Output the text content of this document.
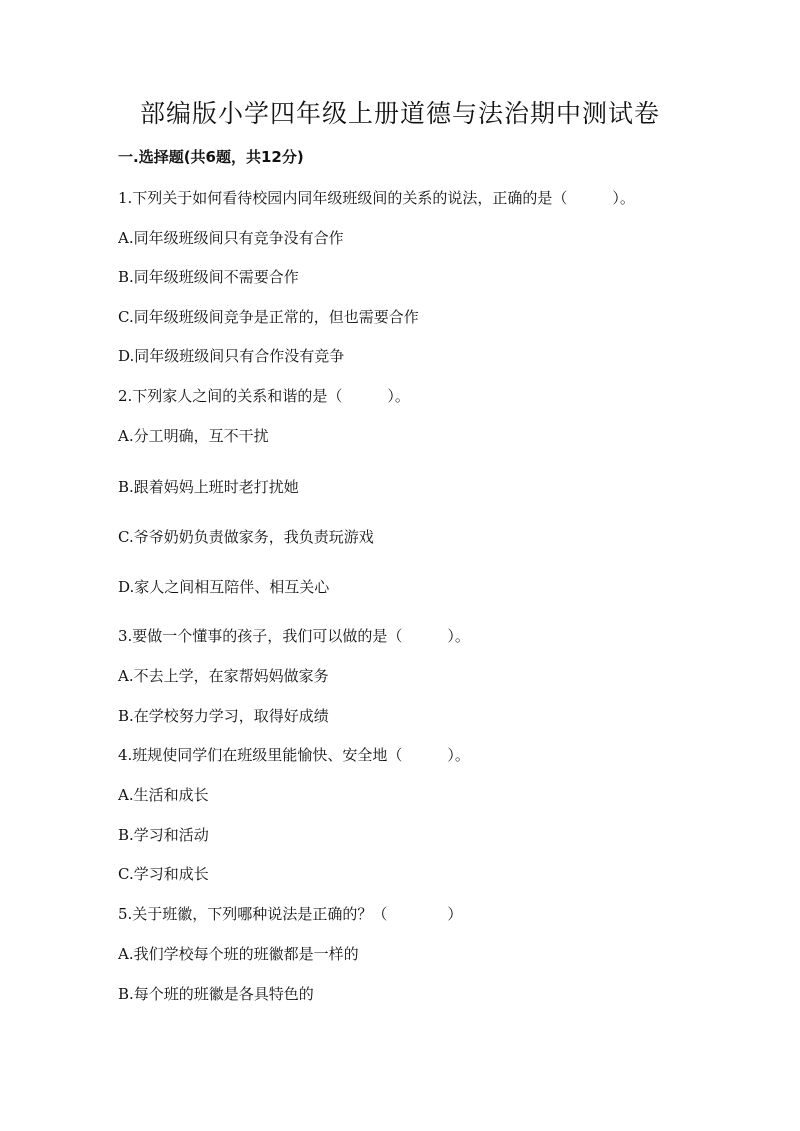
部编版小学四年级上册道德与法治期中测试卷
一.选择题(共6题，共12分)
1.下列关于如何看待校园内同年级班级间的关系的说法，正确的是（　　　）。
A.同年级班级间只有竞争没有合作
B.同年级班级间不需要合作
C.同年级班级间竞争是正常的，但也需要合作
D.同年级班级间只有合作没有竞争
2.下列家人之间的关系和谐的是（　　　）。
A.分工明确，互不干扰
B.跟着妈妈上班时老打扰她
C.爷爷奶奶负责做家务，我负责玩游戏
D.家人之间相互陪伴、相互关心
3.要做一个懂事的孩子，我们可以做的是（　　　）。
A.不去上学，在家帮妈妈做家务
B.在学校努力学习，取得好成绩
4.班规使同学们在班级里能愉快、安全地（　　　）。
A.生活和成长
B.学习和活动
C.学习和成长
5.关于班徽，下列哪种说法是正确的？（　　　　）
A.我们学校每个班的班徽都是一样的
B.每个班的班徽是各具特色的
